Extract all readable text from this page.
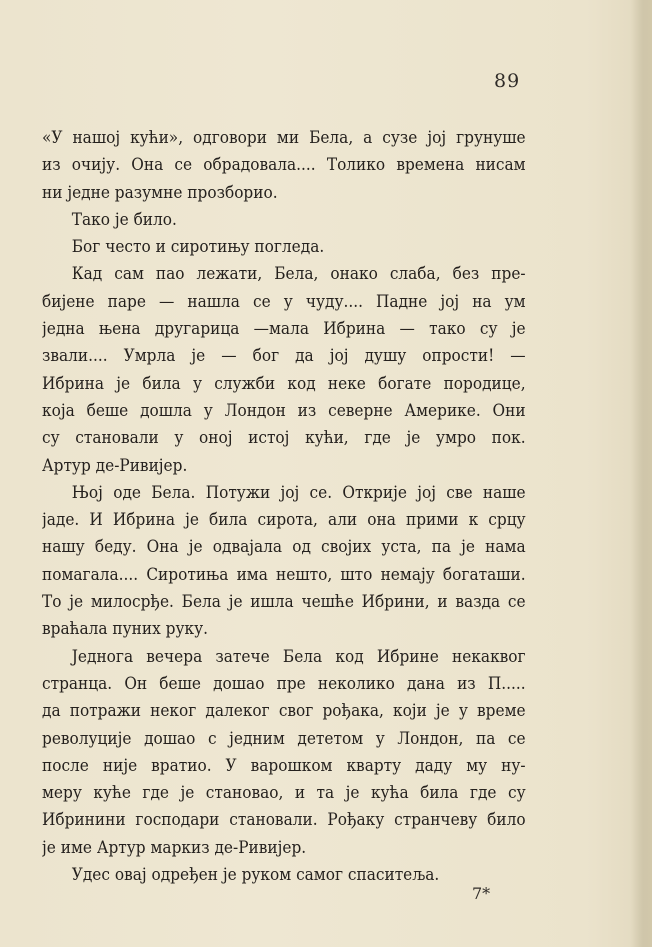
89
«У нашој кући», одговори ми Бела, а сузе јој грунуше
из очију. Она се обрадовала.... Толико времена нисам
ни једне разумне прозборио.
Тако је било.
Бог често и сиротињу погледа.
Кад сам пао лежати, Бела, онако слаба, без пре-
бијене паре — нашла се у чуду.... Падне јој на ум
једна њена другарица —мала Ибрина — тако су је
звали.... Умрла је — бог да јој душу опрости! —
Ибрина је била у служби код неке богате породице,
која беше дошла у Лондон из северне Америке. Они
су становали у оној истој кући, где је умро пок.
Артур де-Ривијер.
Њој оде Бела. Потужи јој се. Открије јој све наше
јаде. И Ибрина је била сирота, али она прими к срцу
нашу беду. Она је одвајала од својих уста, па је нама
помагала.... Сиротиња има нешто, што немају богаташи.
То је милосрђе. Бела је ишла чешће Ибрини, и вазда се
враћала пуних руку.
Једнога вечера затече Бела код Ибрине некаквог
странца. Он беше дошао пре неколико дана из П.....
да потражи неког далеког свог рођака, који је у време
револуције дошао с једним дететом у Лондон, па се
после није вратио. У варошком кварту даду му ну-
меру куће где је становао, и та је кућа била где су
Ибринини господари становали. Рођаку странчеву било
је име Артур маркиз де-Ривијер.
Удес овај одређен је руком самог спаситеља.
7*
